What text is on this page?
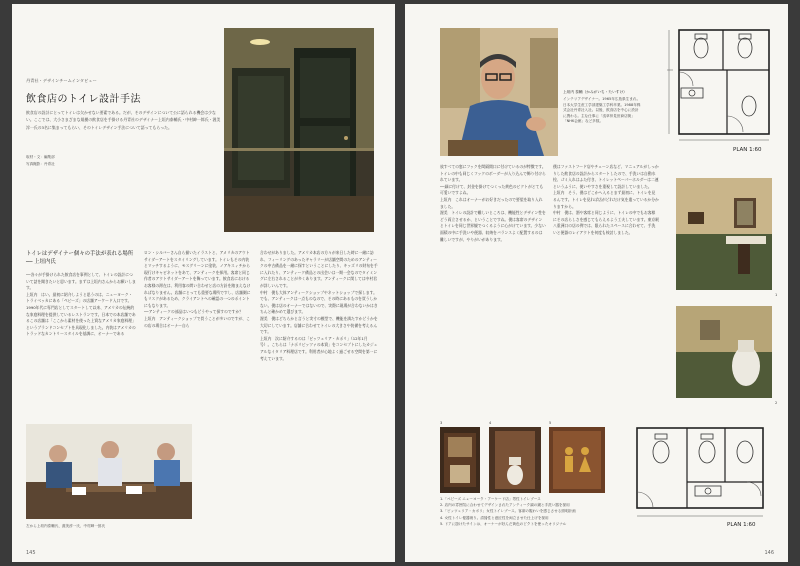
丹青社・デザインチームインタビュー
飲食店のトイレ設計手法
飲食店の設計にとってトイレは欠かせない要素である。だが、そのデザインについて公に語られる機会は少ない。ここでは、大小さまざまな規模の飲食店を手掛ける丹青社のデザイナー上垣内泰輔氏・中村紳一郎氏・渥美淳一氏の3名に集まってもらい、そのトイレデザイン手法について語ってもらった。
取材・文：編集部
写真撮影：丹青社
トイレはデザイナー個々の手法が表れる場所 ── 上垣内氏
──各々が手掛けられた飲食店を事例として、トイレの設計について話を聞きたいと思います。まずは上垣内さんからお願いします。
上垣内　はい。最初に紹介しようと思うのは、ニューヨーク・トライベッカにある「ペピーズ」の店舗アーケード入口です。1990年代に専門店としてスタートして以来、アメリカの伝統的な家庭料理を提供しているレストランです。日本での本店舗であるこの店舗は「ここから素材を使った上質なアメリカ家庭料理」というブランドコンセプトを具現化しました。内装はアメリカのトラッドなカントリースタイルを基調に、オーナーである
ロン・シルバーさん自ら描いたイラストと、アメリカのアウトサイダーアートをスタイリングしています。トイレもその内装とマッチするように、モスグリーンに塗装、ノアキスィチから現行けキャビネットをあて、アンティークを採用。客席と同じ作者のアウトサイダーアートを飾っています。飲食店におけるお客様の滞在は、利用客の問い合わせと店の方針を踏まえなければなりません。店舗にとっても重要な場所ですし、店舗側にもリスクがあるため、クライアントへの確認の一つのポイントにもなります。
──アンティークの部品はいつもどうやって探すのですか？
上垣内　アンティークショップで買うことが多いのですが、この店の場合はオーナー自ら
合わせがありました。アメリカ本店の方々が来日した時に一緒に訪れ、フィーリングのあったギャラリーが店舗空間のためのアンティークの中古備品を一緒に探すということにしたり、キッズリの財布を手に入れたり、アンティーク備品との出会いは一期一会なのでタイミングに左右されることが多くあります。アンティークに関しては中村君が詳しいんです。
中村　僕も大体アンティークショップやネットショップで探します。でも、アンティークは一点ものなので、その時にあるものを買うしかない。僕は店のオーナーではないので、実際に現場が合わないかはきちんと確かめて選びます。
渥美　僕はどちらかと言うと実寸の模型で、機能を満たすかどうかを大切にしています。店舗に合わせてトイレの大きさや装備を考えるんです。
上垣内　次に紹介するのは「ビッツェリア・カポリ」（12年1月号）。こちらは「ナポリピッツァの本質」をコンセプトにしたカジュアルなイタリア料理店です。利用者が心地よく過ごせる空間を第一に考えています。
左から上垣内泰輔氏、渥美淳一氏、中村紳一郎氏
145
上垣内 泰輔（かみがいち・たいすけ）
インテリアデザイナー。1965年広島県生まれ。日本大学生産工学部建築工学科卒業。1988年株式会社丹青社入社。以後、飲食店を中心に設計に携わる。主な仕事に「浅草仲見世商店街」「NHK会館」など多数。
PLAN 1:60
放すべての窓にフックを間隔開口に付けているのが特徴です。トイレの中も同じくフックのボーダーが入り込んで飾り付けられています。
──細に付けて、封金を掛けてつくった黄色のピクトがとても可愛いですよね。
上垣内　これはオーナーがお好きだったので要望を取り入れました。
渥美　トイレの設計で難しいところは、機能性とデザイン性をどう両立させるか、ということですね。僕は客席のデザインとトイレを同じ世界観でつくるように心がけています。少ない面積の中に手洗いや便器、収納をバランスよく配置するのは難しいですが、やりがいがあります。
僕はファストフード店やチェーン店など、マニュアルがしっかりした飲食店の設計からスタートしたので、手洗いは自動水栓、ゴミ入れはふた付き、トイレットペーパーホルダーは二連というふうに、使いやすさを重視して設計していました。
上垣内　そう、僕はどこかへ入るとまず最初に、トイレを見るんです。トイレを見れば店がどれだけ気を遣っているか分かりますから。
中村　僕は、酒や客席と同じように、トイレの中でもお客様にその店らしさを感じてもらえるよう工夫しています。東京駅八重洲口の店の例では、限られたスペースに合わせて、手洗いと便器のレイアウトを何度も検討しました。
1
2
3	4	5
1.「ペピーズ ニューヨーク・アーケード店」男性トイレブース
2. 店内の雰囲気に合わせてデザインされたアンティーク調の鏡と手洗い器を採用
3.「ビッツェリア・カポリ」女性トイレブース。客席の賑わいを感じさせる照明計画
4. 女性トイレ便器廻り。清掃性と意匠性を両立させた仕上げを採用
5. ドアに掛けたサインは、オーナーが好んだ黄色のピクトを使ったオリジナル	PLAN 1:60
146
